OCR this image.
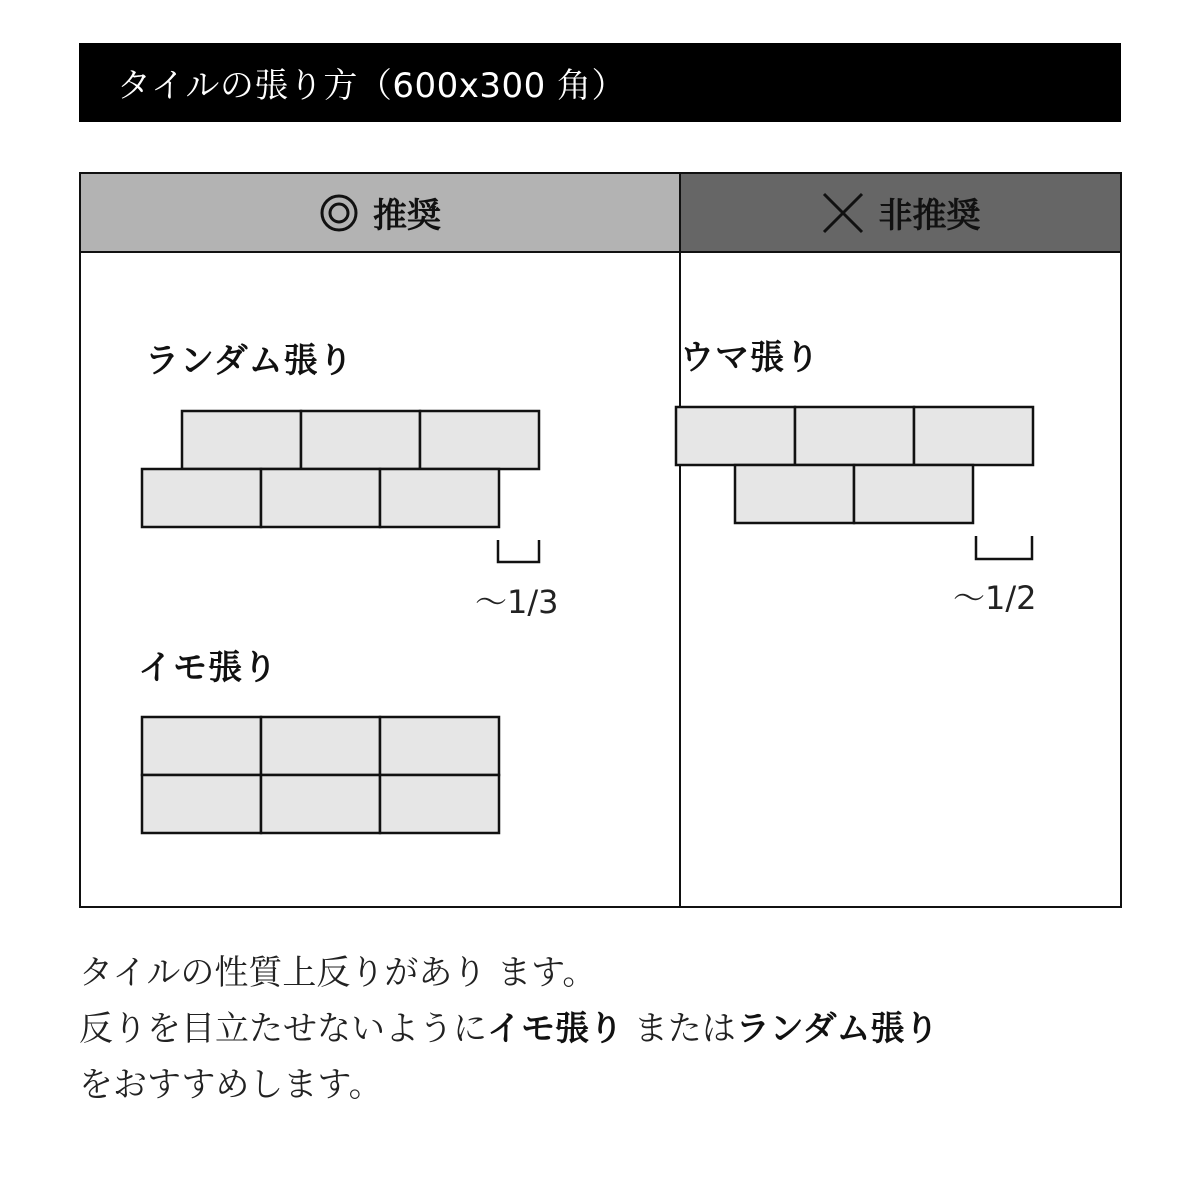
タイルの張り方（600x300 角）
推奨	非推奨
ランダム張り
イモ張り
ウマ張り
〜1/3	〜1/2

タイルの性質上反りがあり ます。

反りを目立たせないようにイモ張り またはランダム張り

をおすすめします。
